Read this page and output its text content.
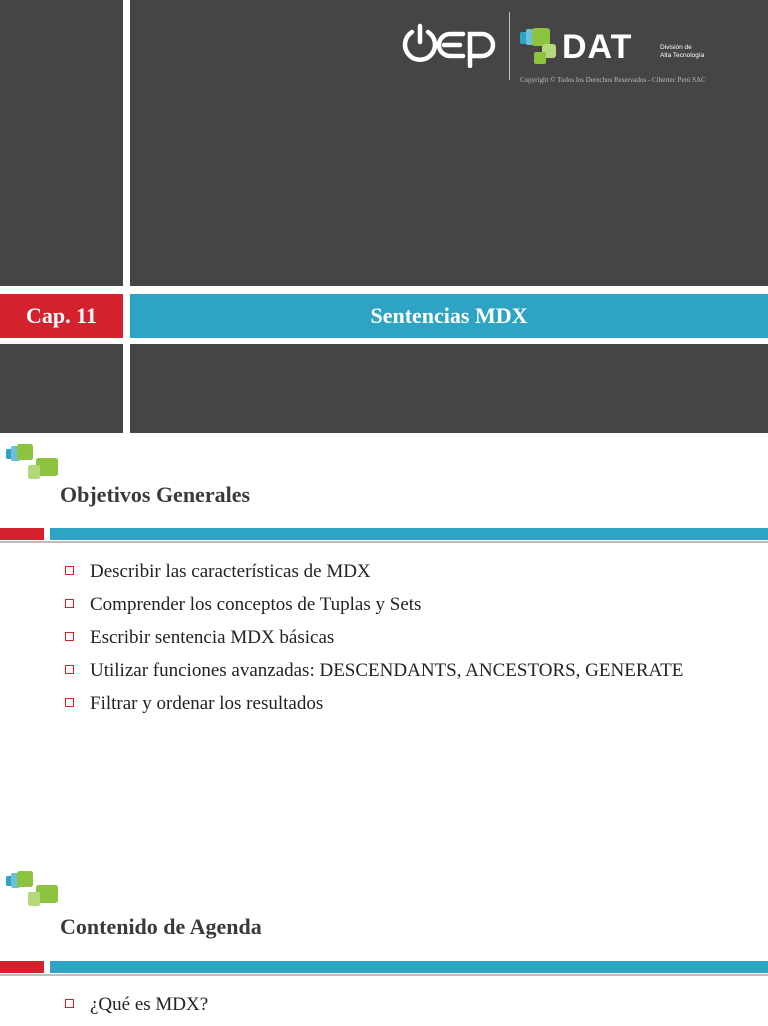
DAT	División de
Alta Tecnología
Copyright © Todos los Derechos Reservados - Cibertec Perú SAC
Cap. 11	Sentencias MDX
Objetivos Generales
Describir las características de MDX
Comprender los conceptos de Tuplas y Sets
Escribir sentencia MDX básicas
Utilizar funciones avanzadas: DESCENDANTS, ANCESTORS, GENERATE
Filtrar y ordenar los resultados
Contenido de Agenda
¿Qué es MDX?
